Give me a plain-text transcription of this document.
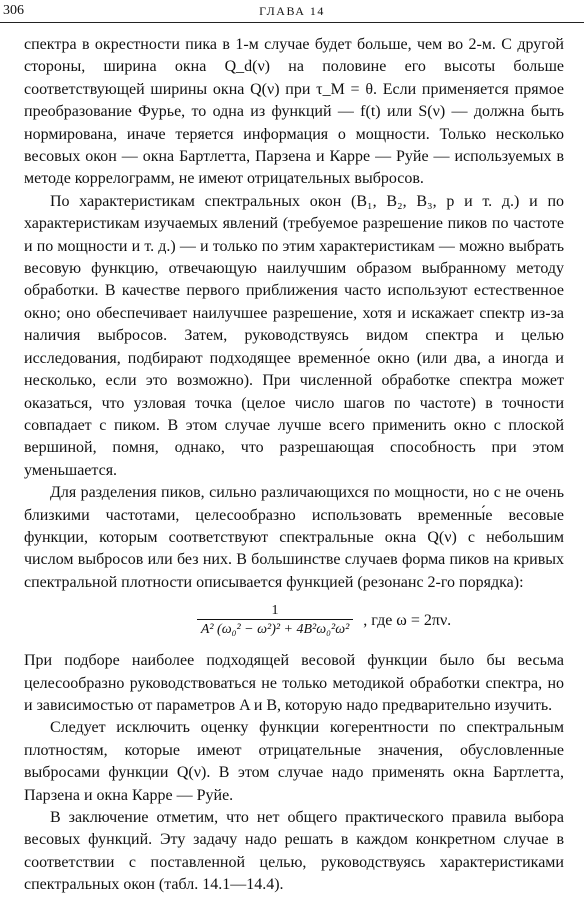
306	ГЛАВА 14

спектра в окрестности пика в 1-м случае будет больше, чем во 2-м. С другой стороны, ширина окна Q_d(ν) на половине его высоты больше соответствующей ширины окна Q(ν) при τ_M = θ. Если применяется прямое преобразование Фурье, то одна из функций — f(t) или S(ν) — должна быть нормирована, иначе теряется информация о мощности. Только несколько весовых окон — окна Бартлетта, Парзена и Карре — Руйе — используемых в методе коррелограмм, не имеют отрицательных выбросов.

По характеристикам спектральных окон (B₁, B₂, B₃, p и т. д.) и по характеристикам изучаемых явлений (требуемое разрешение пиков по частоте и по мощности и т. д.) — и только по этим характеристикам — можно выбрать весовую функцию, отвечающую наилучшим образом выбранному методу обработки. В качестве первого приближения часто используют естественное окно; оно обеспечивает наилучшее разрешение, хотя и искажает спектр из-за наличия выбросов. Затем, руководствуясь видом спектра и целью исследования, подбирают подходящее временно́е окно (или два, а иногда и несколько, если это возможно). При численной обработке спектра может оказаться, что узловая точка (целое число шагов по частоте) в точности совпадает с пиком. В этом случае лучше всего применить окно с плоской вершиной, помня, однако, что разрешающая способность при этом уменьшается.

Для разделения пиков, сильно различающихся по мощности, но с не очень близкими частотами, целесообразно использовать временны́е весовые функции, которым соответствуют спектральные окна Q(ν) с небольшим числом выбросов или без них. В большинстве случаев форма пиков на кривых спектральной плотности описывается функцией (резонанс 2-го порядка):

$\frac{1}{\text{A² (ω₀² − ω²)² + 4B²ω₀²ω²}}$ , где ω = 2πν.

При подборе наиболее подходящей весовой функции было бы весьма целесообразно руководствоваться не только методикой обработки спектра, но и зависимостью от параметров A и B, которую надо предварительно изучить.

Следует исключить оценку функции когерентности по спектральным плотностям, которые имеют отрицательные значения, обусловленные выбросами функции Q(ν). В этом случае надо применять окна Бартлетта, Парзена и окна Карре — Руйе.

В заключение отметим, что нет общего практического правила выбора весовых функций. Эту задачу надо решать в каждом конкретном случае в соответствии с поставленной целью, руководствуясь характеристиками спектральных окон (табл. 14.1—14.4).
